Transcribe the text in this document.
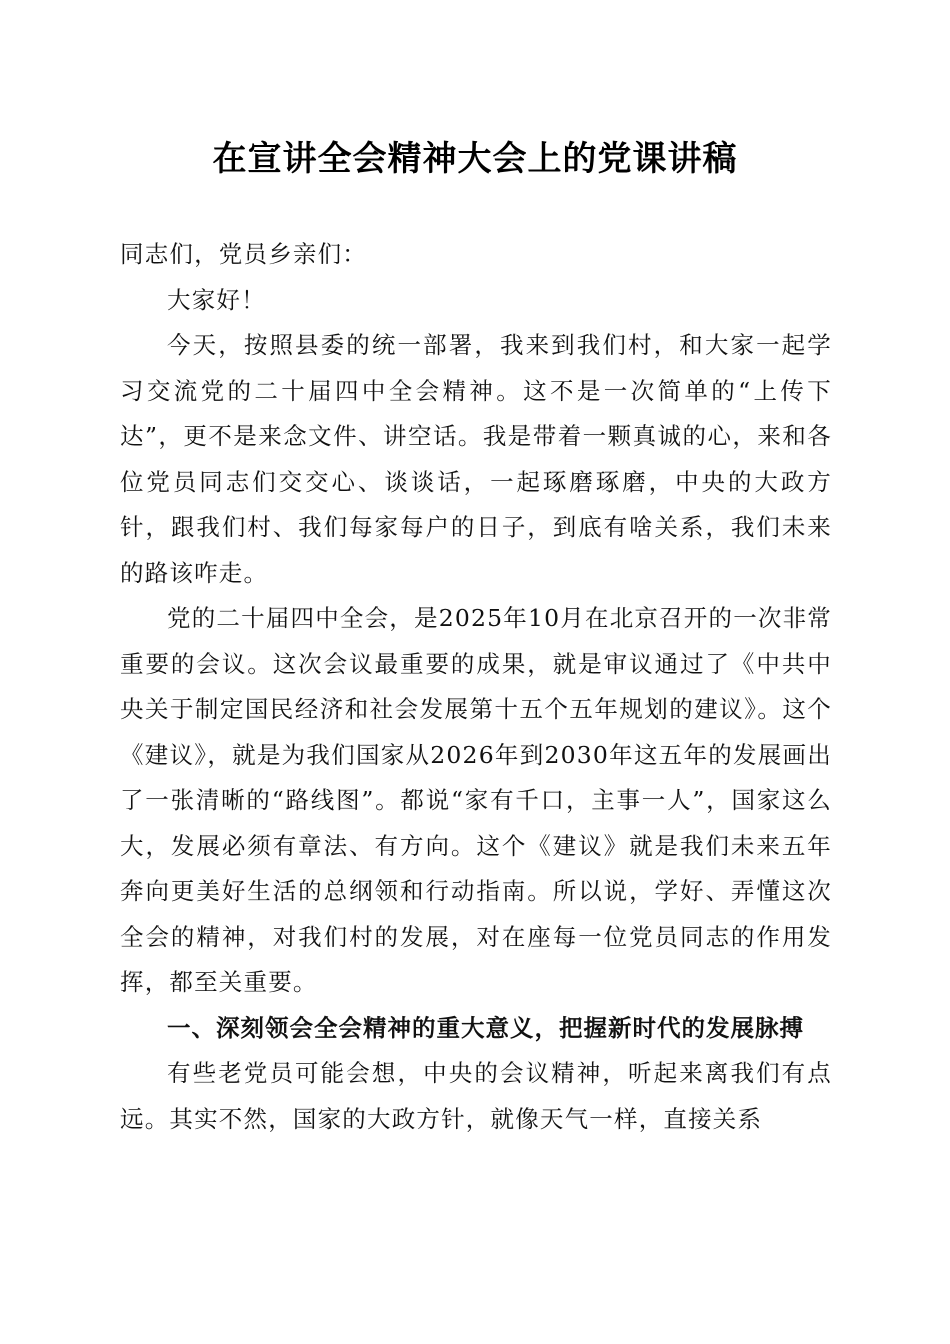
在宣讲全会精神大会上的党课讲稿

同志们，党员乡亲们：

大家好！

今天，按照县委的统一部署，我来到我们村，和大家一起学习交流党的二十届四中全会精神。这不是一次简单的“上传下达”，更不是来念文件、讲空话。我是带着一颗真诚的心，来和各位党员同志们交交心、谈谈话，一起琢磨琢磨，中央的大政方针，跟我们村、我们每家每户的日子，到底有啥关系，我们未来的路该咋走。

党的二十届四中全会，是2025年10月在北京召开的一次非常重要的会议。这次会议最重要的成果，就是审议通过了《中共中央关于制定国民经济和社会发展第十五个五年规划的建议》。这个《建议》，就是为我们国家从2026年到2030年这五年的发展画出了一张清晰的“路线图”。都说“家有千口，主事一人”，国家这么大，发展必须有章法、有方向。这个《建议》就是我们未来五年奔向更美好生活的总纲领和行动指南。所以说，学好、弄懂这次全会的精神，对我们村的发展，对在座每一位党员同志的作用发挥，都至关重要。

一、深刻领会全会精神的重大意义，把握新时代的发展脉搏

有些老党员可能会想，中央的会议精神，听起来离我们有点远。其实不然，国家的大政方针，就像天气一样，直接关系
